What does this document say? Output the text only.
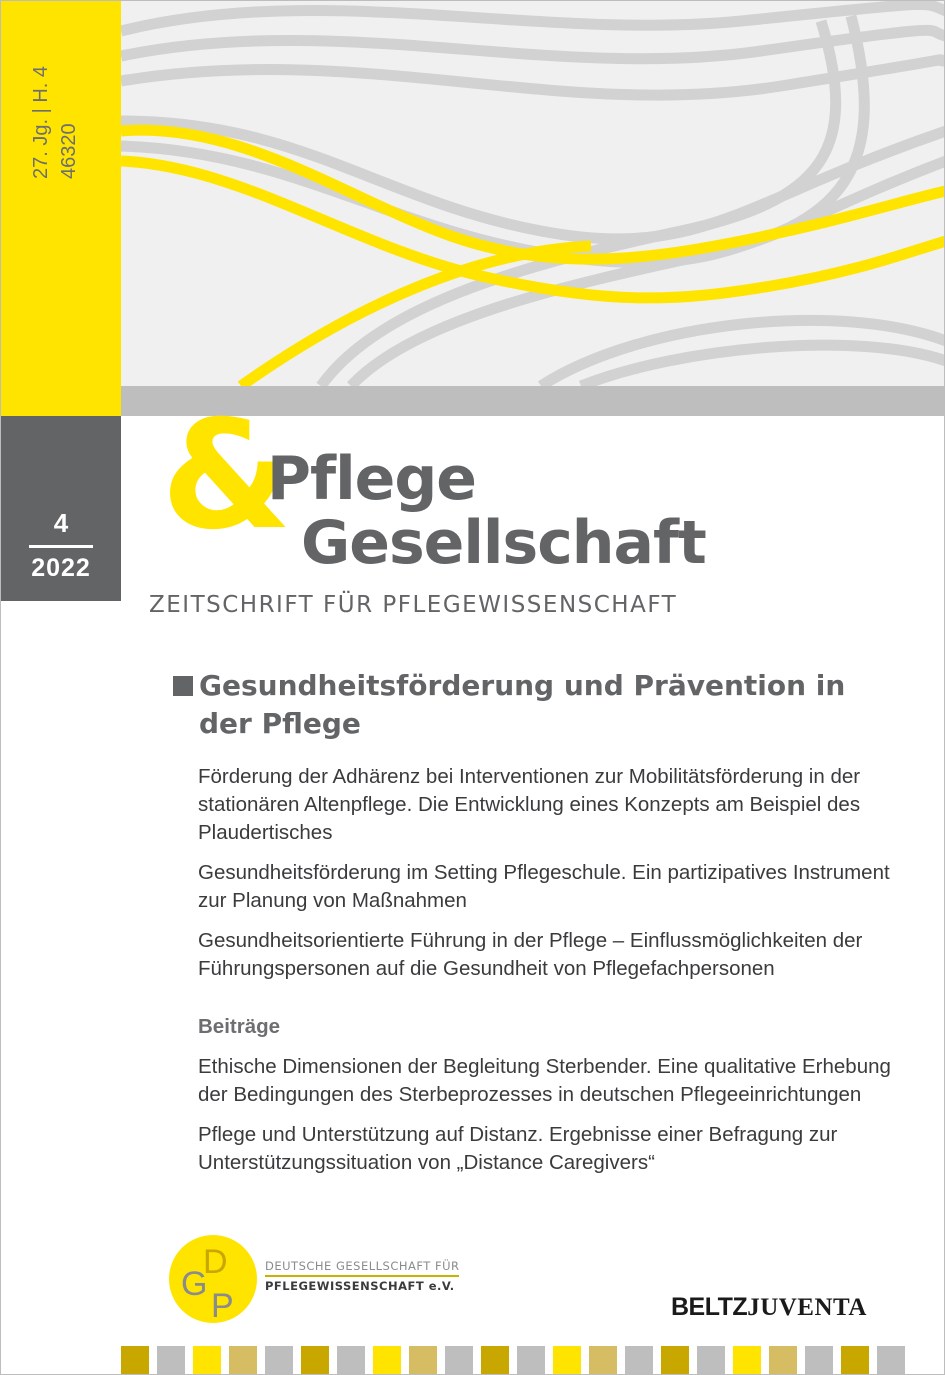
27. Jg. | H. 4 46320
4
2022
&
Pflege
Gesellschaft
ZEITSCHRIFT FÜR PFLEGEWISSENSCHAFT
Gesundheitsförderung und Prävention in der Pflege
Förderung der Adhärenz bei Interventionen zur Mobilitätsförderung in der stationären Altenpflege. Die Entwicklung eines Konzepts am Beispiel des Plaudertisches
Gesundheitsförderung im Setting Pflegeschule. Ein partizipatives Instrument zur Planung von Maßnahmen
Gesundheitsorientierte Führung in der Pflege – Einflussmöglichkeiten der Führungspersonen auf die Gesundheit von Pflegefachpersonen
Beiträge
Ethische Dimensionen der Begleitung Sterbender. Eine qualitative Erhebung der Bedingungen des Sterbeprozesses in deutschen Pflegeeinrichtungen
Pflege und Unterstützung auf Distanz. Ergebnisse einer Befragung zur Unterstützungssituation von „Distance Caregivers“
D
G
P
DEUTSCHE GESELLSCHAFT FÜR
PFLEGEWISSENSCHAFT e.V.
BELTZJUVENTA
